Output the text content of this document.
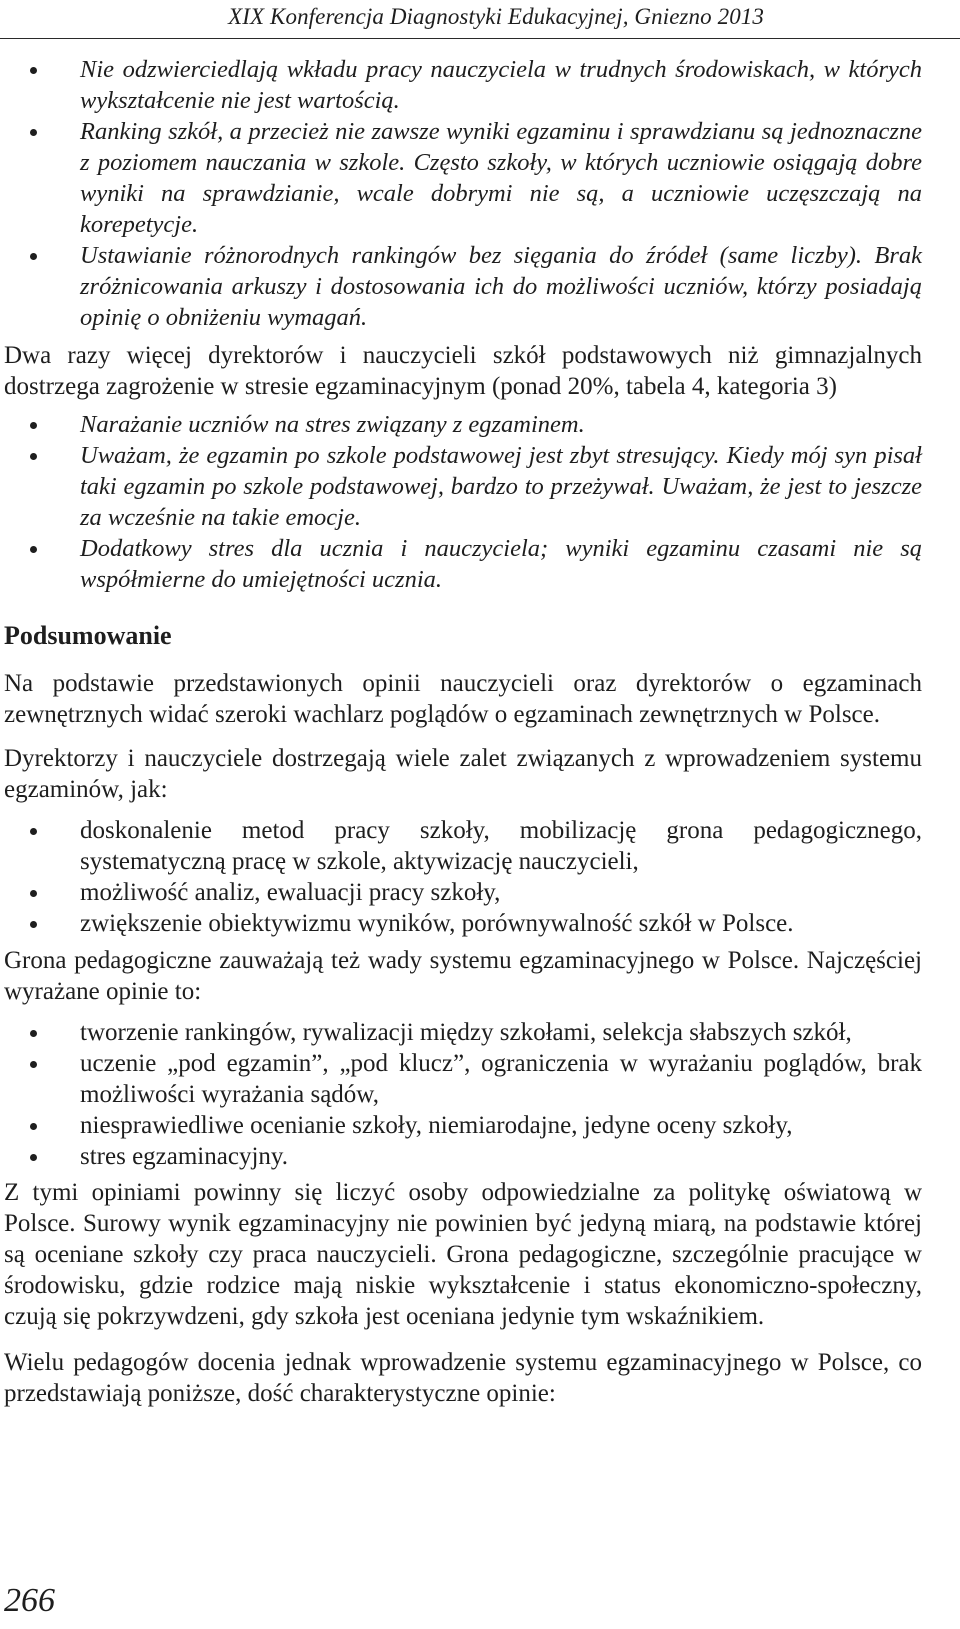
XIX Konferencja Diagnostyki Edukacyjnej, Gniezno 2013
Nie odzwierciedlają wkładu pracy nauczyciela w trudnych środowiskach, w których wykształcenie nie jest wartością.
Ranking szkół, a przecież nie zawsze wyniki egzaminu i sprawdzianu są jednoznaczne z poziomem nauczania w szkole. Często szkoły, w których uczniowie osiągają dobre wyniki na sprawdzianie, wcale dobrymi nie są, a uczniowie uczęszczają na korepetycje.
Ustawianie różnorodnych rankingów bez sięgania do źródeł (same liczby). Brak zróżnicowania arkuszy i dostosowania ich do możliwości uczniów, którzy posiadają opinię o obniżeniu wymagań.

Dwa razy więcej dyrektorów i nauczycieli szkół podstawowych niż gimnazjalnych dostrzega zagrożenie w stresie egzaminacyjnym (ponad 20%, tabela 4, kategoria 3)

Narażanie uczniów na stres związany z egzaminem.
Uważam, że egzamin po szkole podstawowej jest zbyt stresujący. Kiedy mój syn pisał taki egzamin po szkole podstawowej, bardzo to przeżywał. Uważam, że jest to jeszcze za wcześnie na takie emocje.
Dodatkowy stres dla ucznia i nauczyciela; wyniki egzaminu czasami nie są współmierne do umiejętności ucznia.
Podsumowanie

Na podstawie przedstawionych opinii nauczycieli oraz dyrektorów o egzaminach zewnętrznych widać szeroki wachlarz poglądów o egzaminach zewnętrznych w Polsce.

Dyrektorzy i nauczyciele dostrzegają wiele zalet związanych z wprowadzeniem systemu egzaminów, jak:

doskonalenie metod pracy szkoły, mobilizację grona pedagogicznego, systematyczną pracę w szkole, aktywizację nauczycieli,
możliwość analiz, ewaluacji pracy szkoły,
zwiększenie obiektywizmu wyników, porównywalność szkół w Polsce.

Grona pedagogiczne zauważają też wady systemu egzaminacyjnego w Polsce. Najczęściej wyrażane opinie to:

tworzenie rankingów, rywalizacji między szkołami, selekcja słabszych szkół,
uczenie „pod egzamin”, „pod klucz”, ograniczenia w wyrażaniu poglądów, brak możliwości wyrażania sądów,
niesprawiedliwe ocenianie szkoły, niemiarodajne, jedyne oceny szkoły,
stres egzaminacyjny.

Z tymi opiniami powinny się liczyć osoby odpowiedzialne za politykę oświatową w Polsce. Surowy wynik egzaminacyjny nie powinien być jedyną miarą, na podstawie której są oceniane szkoły czy praca nauczycieli. Grona pedagogiczne, szczególnie pracujące w środowisku, gdzie rodzice mają niskie wykształcenie i status ekonomiczno-społeczny, czują się pokrzywdzeni, gdy szkoła jest oceniana jedynie tym wskaźnikiem.

Wielu pedagogów docenia jednak wprowadzenie systemu egzaminacyjnego w Polsce, co przedstawiają poniższe, dość charakterystyczne opinie:

266
